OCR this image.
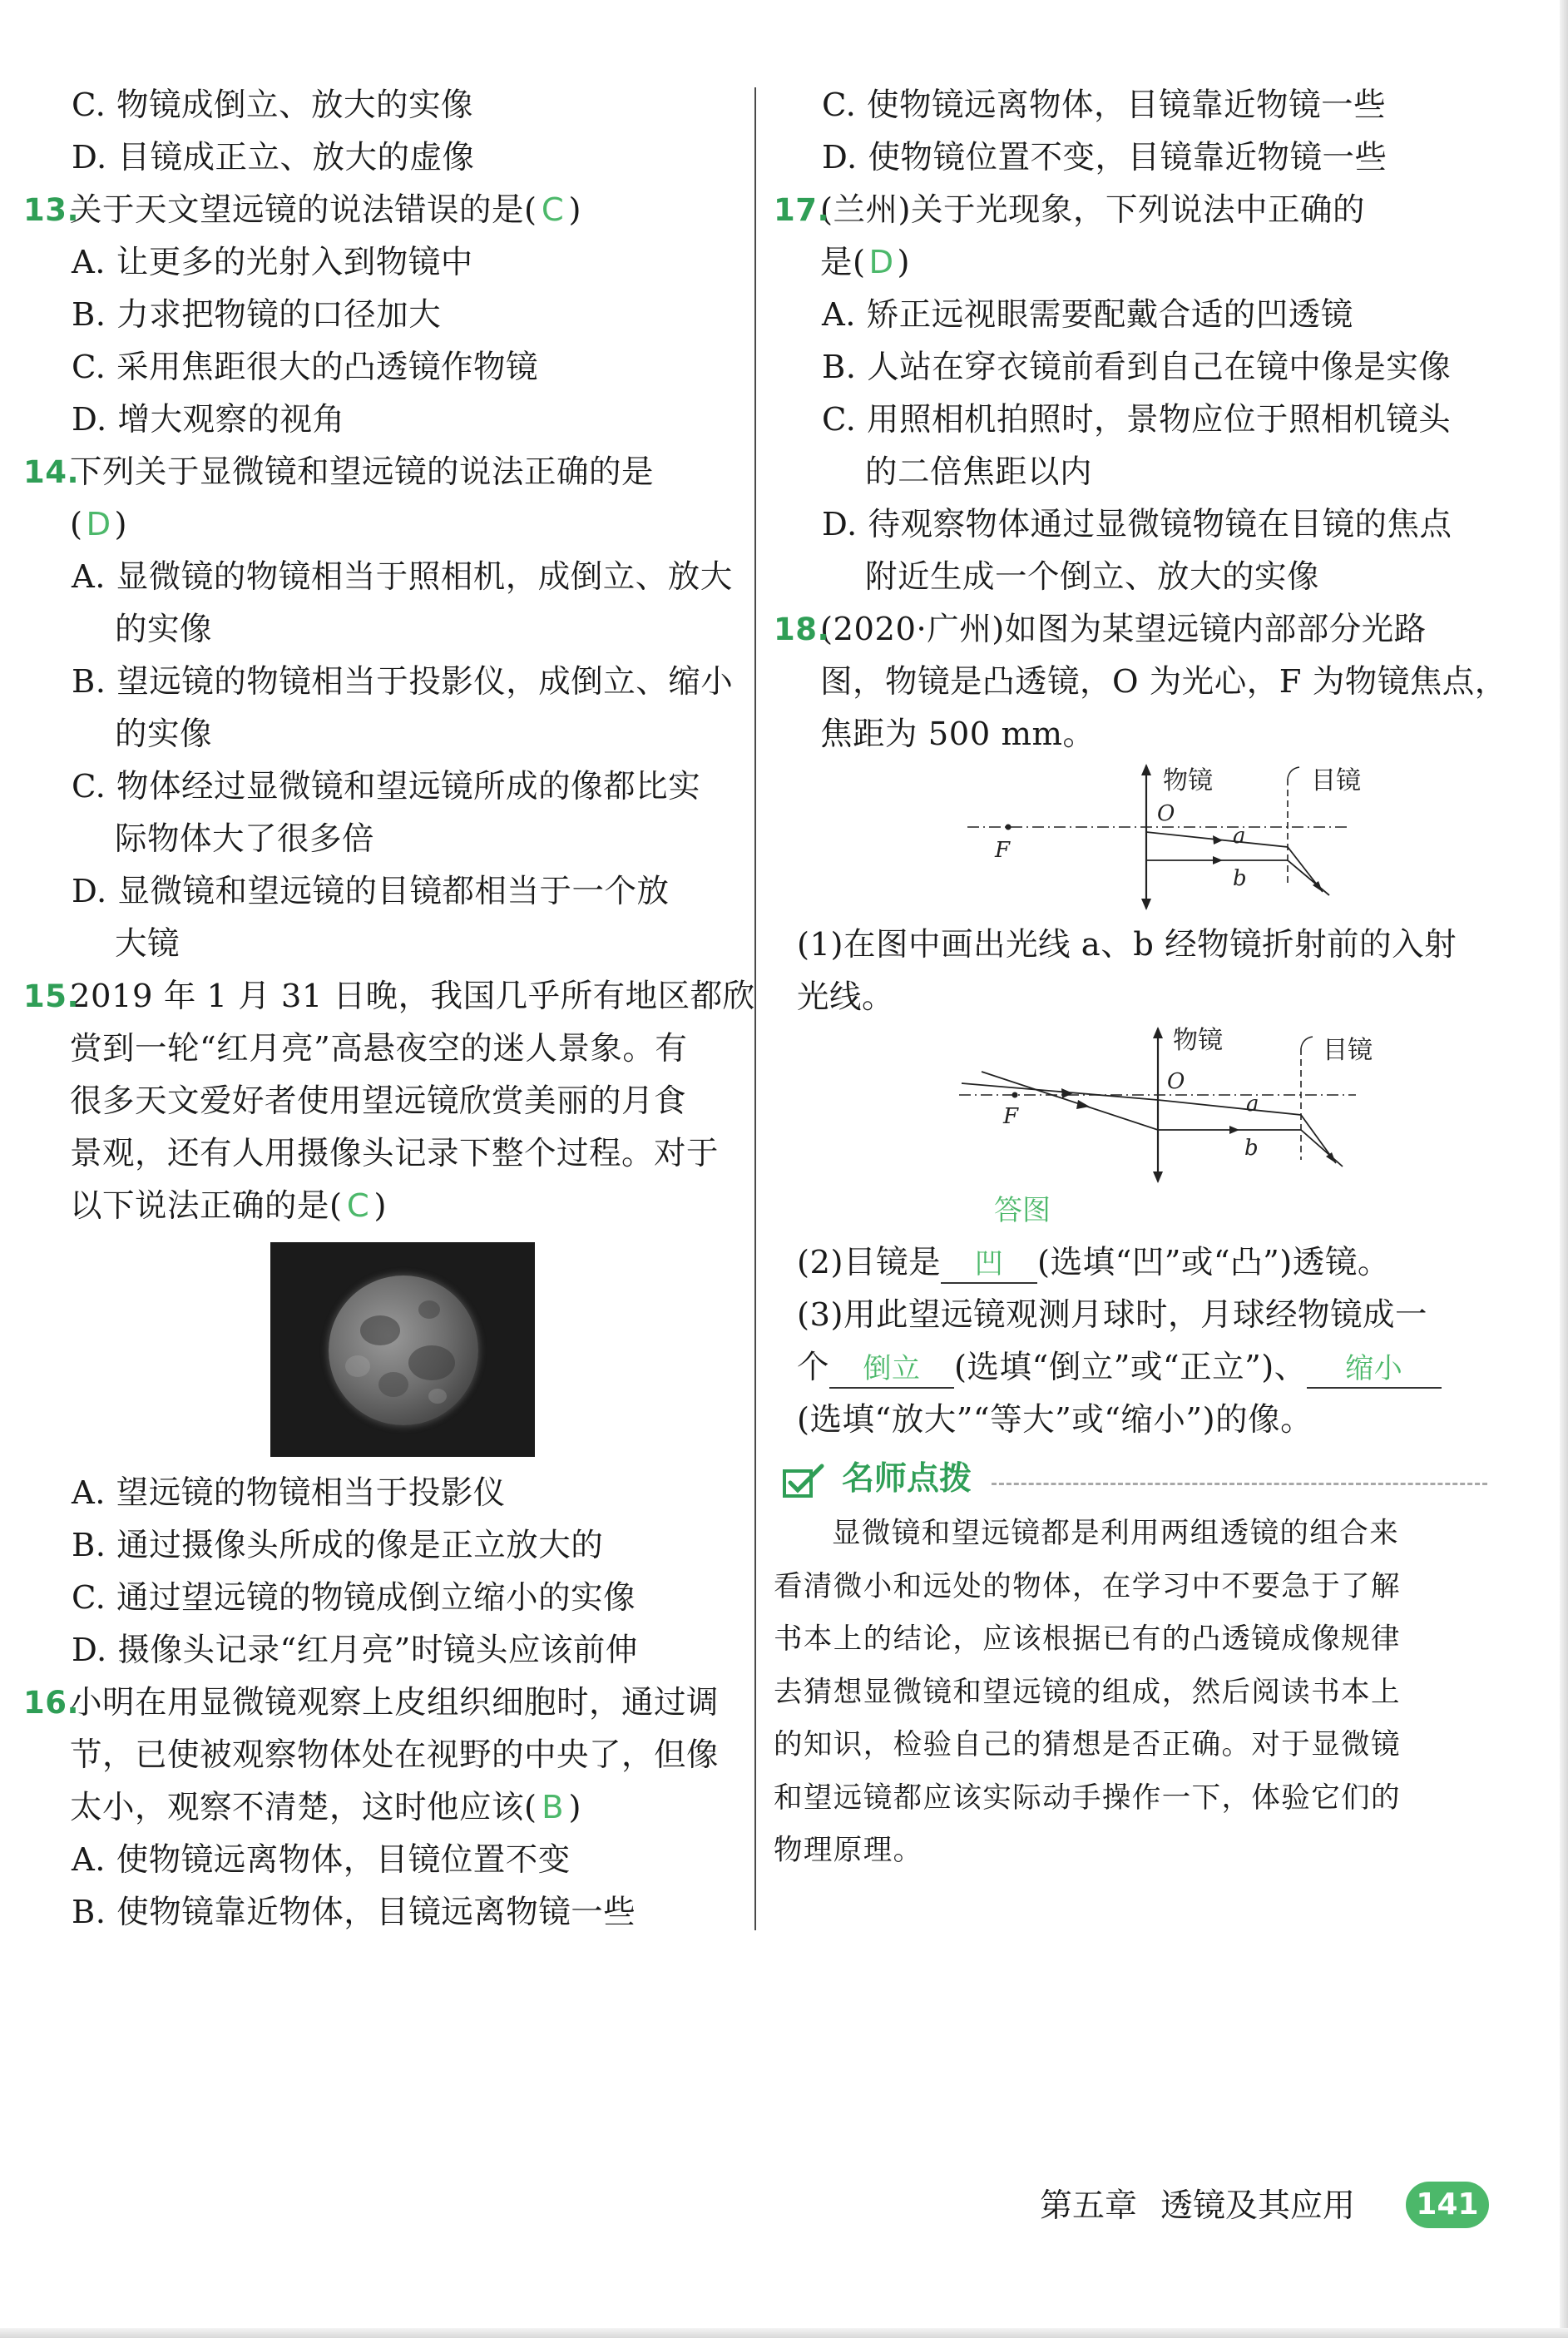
C. 物镜成倒立、放大的实像
D. 目镜成正立、放大的虚像
13.
关于天文望远镜的说法错误的是( C )
A. 让更多的光射入到物镜中
B. 力求把物镜的口径加大
C. 采用焦距很大的凸透镜作物镜
D. 增大观察的视角
14.
下列关于显微镜和望远镜的说法正确的是
( D )
A. 显微镜的物镜相当于照相机，成倒立、放大
的实像
B. 望远镜的物镜相当于投影仪，成倒立、缩小
的实像
C. 物体经过显微镜和望远镜所成的像都比实
际物体大了很多倍
D. 显微镜和望远镜的目镜都相当于一个放
大镜
15.
2019 年 1 月 31 日晚，我国几乎所有地区都欣
赏到一轮“红月亮”高悬夜空的迷人景象。有
很多天文爱好者使用望远镜欣赏美丽的月食
景观，还有人用摄像头记录下整个过程。对于
以下说法正确的是( C )
A. 望远镜的物镜相当于投影仪
B. 通过摄像头所成的像是正立放大的
C. 通过望远镜的物镜成倒立缩小的实像
D. 摄像头记录“红月亮”时镜头应该前伸
16.
小明在用显微镜观察上皮组织细胞时，通过调
节，已使被观察物体处在视野的中央了，但像
太小，观察不清楚，这时他应该( B )
A. 使物镜远离物体，目镜位置不变
B. 使物镜靠近物体，目镜远离物镜一些
C. 使物镜远离物体，目镜靠近物镜一些
D. 使物镜位置不变，目镜靠近物镜一些
17.
(兰州)关于光现象，下列说法中正确的
是( D )
A. 矫正远视眼需要配戴合适的凹透镜
B. 人站在穿衣镜前看到自己在镜中像是实像
C. 用照相机拍照时，景物应位于照相机镜头
的二倍焦距以内
D. 待观察物体通过显微镜物镜在目镜的焦点
附近生成一个倒立、放大的实像
18.
(2020·广州)如图为某望远镜内部部分光路
图，物镜是凸透镜，O 为光心，F 为物镜焦点，
焦距为 500 mm。
物镜	目镜
O
F
a
b
(1)在图中画出光线 a、b 经物镜折射前的入射
光线。
物镜	目镜
O
F	a
b
答图
(2)目镜是 凹 (选填“凹”或“凸”)透镜。
(3)用此望远镜观测月球时，月球经物镜成一
个 倒立 (选填“倒立”或“正立”)、 缩小
(选填“放大”“等大”或“缩小”)的像。
名师点拨
显微镜和望远镜都是利用两组透镜的组合来
看清微小和远处的物体，在学习中不要急于了解
书本上的结论，应该根据已有的凸透镜成像规律
去猜想显微镜和望远镜的组成，然后阅读书本上
的知识，检验自己的猜想是否正确。对于显微镜
和望远镜都应该实际动手操作一下，体验它们的
物理原理。
第五章 透镜及其应用	141
